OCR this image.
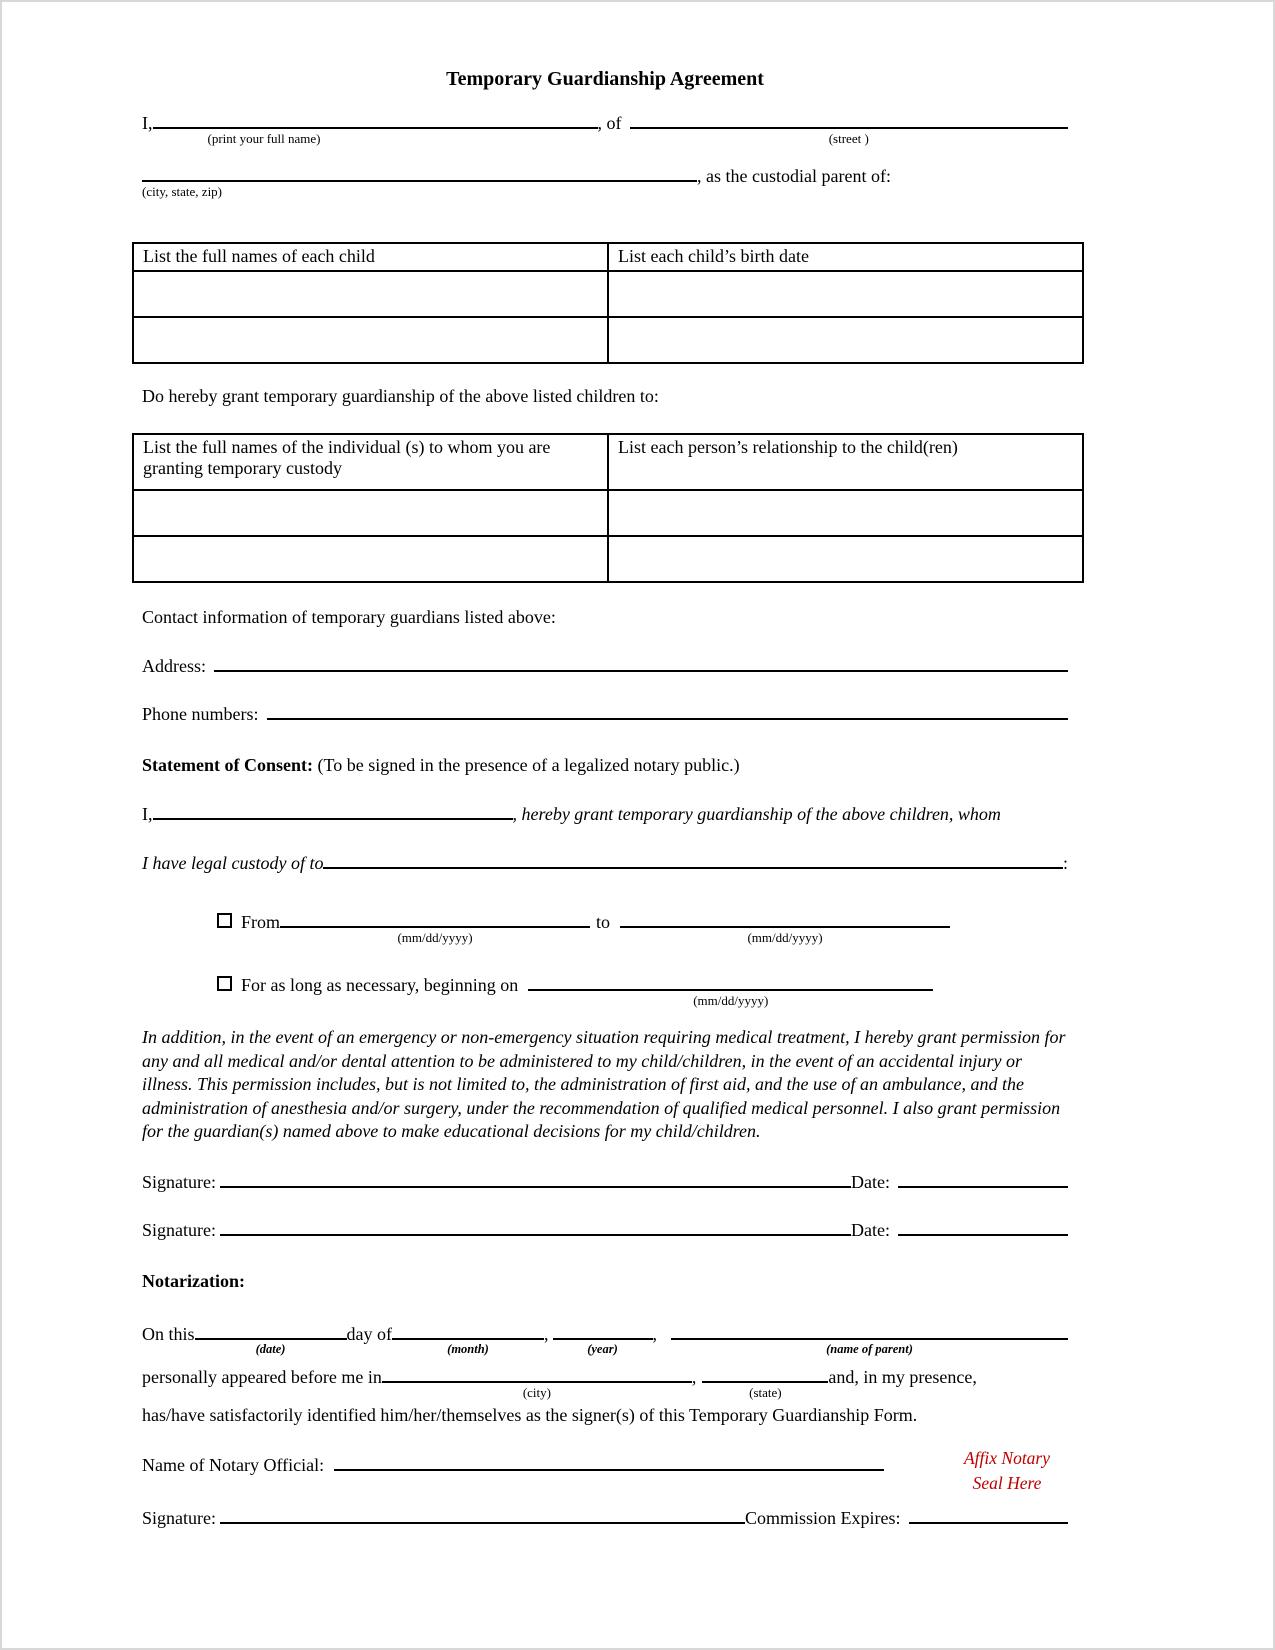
Temporary Guardianship Agreement
I,
(print your full name)
, of
(street )
(city, state, zip)
, as the custodial parent of:
List the full names of each child	List each child’s birth date

Do hereby grant temporary guardianship of the above listed children to:
List the full names of the individual (s) to whom you are granting temporary custody	List each person’s relationship to the child(ren)

Contact information of temporary guardians listed above:
Address:
Phone numbers:
Statement of Consent: (To be signed in the presence of a legalized notary public.)
I,	, hereby grant temporary guardianship of the above children, whom
I have legal custody of to	:
From
(mm/dd/yyyy)
to
(mm/dd/yyyy)
For as long as necessary, beginning on
(mm/dd/yyyy)

In addition, in the event of an emergency or non-emergency situation requiring medical treatment, I hereby grant permission for any and all medical and/or dental attention to be administered to my child/children, in the event of an accidental injury or illness. This permission includes, but is not limited to, the administration of first aid, and the use of an ambulance, and the administration of anesthesia and/or surgery, under the recommendation of qualified medical personnel. I also grant permission for the guardian(s) named above to make educational decisions for my child/children.

Signature:	Date:
Signature:	Date:
Notarization:
On this
(date)
day of
(month)
,
(year)
,
(name of parent)
personally appeared before me in
(city)
,
(state)
and, in my presence,
has/have satisfactorily identified him/her/themselves as the signer(s) of this Temporary Guardianship Form.
Affix Notary
Seal Here
Name of Notary Official:
Signature:	Commission Expires:
